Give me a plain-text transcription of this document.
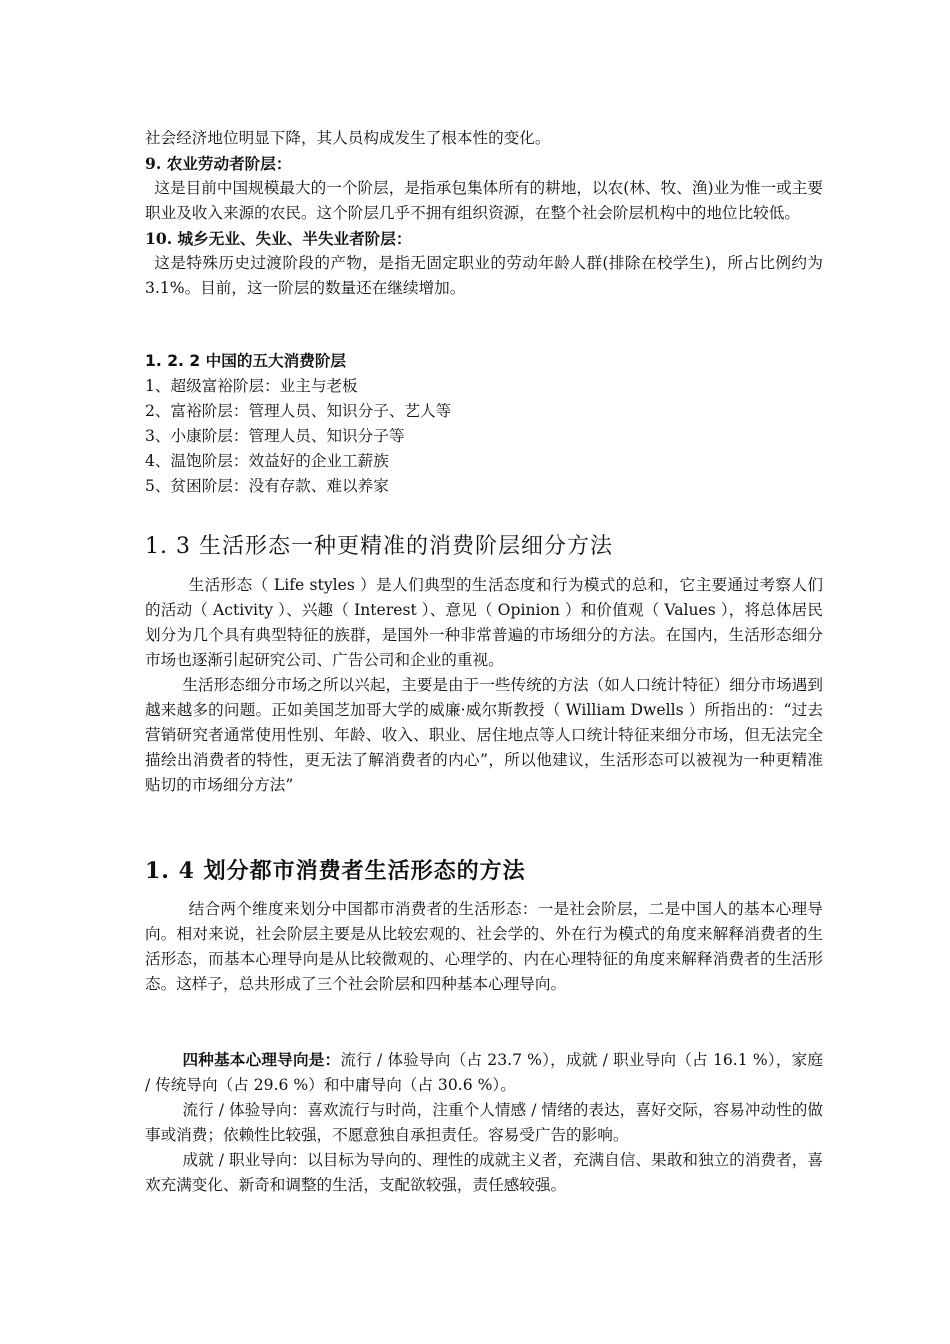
社会经济地位明显下降，其人员构成发生了根本性的变化。

9. 农业劳动者阶层：

这是目前中国规模最大的一个阶层，是指承包集体所有的耕地，以农(林、牧、渔)业为惟一或主要职业及收入来源的农民。这个阶层几乎不拥有组织资源，在整个社会阶层机构中的地位比较低。

10. 城乡无业、失业、半失业者阶层：

这是特殊历史过渡阶段的产物，是指无固定职业的劳动年龄人群(排除在校学生)，所占比例约为3.1%。目前，这一阶层的数量还在继续增加。

1. 2. 2 中国的五大消费阶层

1、超级富裕阶层：业主与老板

2、富裕阶层：管理人员、知识分子、艺人等

3、小康阶层：管理人员、知识分子等

4、温饱阶层：效益好的企业工薪族

5、贫困阶层：没有存款、难以养家

1. 3 生活形态一种更精准的消费阶层细分方法

生活形态（ Life styles ）是人们典型的生活态度和行为模式的总和，它主要通过考察人们的活动（ Activity ）、兴趣（ Interest ）、意见（ Opinion ）和价值观（ Values ），将总体居民划分为几个具有典型特征的族群，是国外一种非常普遍的市场细分的方法。在国内，生活形态细分市场也逐渐引起研究公司、广告公司和企业的重视。

生活形态细分市场之所以兴起，主要是由于一些传统的方法（如人口统计特征）细分市场遇到越来越多的问题。正如美国芝加哥大学的威廉·威尔斯教授（ William Dwells ）所指出的：“过去营销研究者通常使用性别、年龄、收入、职业、居住地点等人口统计特征来细分市场，但无法完全描绘出消费者的特性，更无法了解消费者的内心”，所以他建议，生活形态可以被视为一种更精准贴切的市场细分方法”

1. 4 划分都市消费者生活形态的方法

结合两个维度来划分中国都市消费者的生活形态：一是社会阶层，二是中国人的基本心理导向。相对来说，社会阶层主要是从比较宏观的、社会学的、外在行为模式的角度来解释消费者的生活形态，而基本心理导向是从比较微观的、心理学的、内在心理特征的角度来解释消费者的生活形态。这样子，总共形成了三个社会阶层和四种基本心理导向。

四种基本心理导向是：流行 / 体验导向（占 23.7 %），成就 / 职业导向（占 16.1 %），家庭 / 传统导向（占 29.6 %）和中庸导向（占 30.6 %）。

流行 / 体验导向：喜欢流行与时尚，注重个人情感 / 情绪的表达，喜好交际，容易冲动性的做事或消费；依赖性比较强，不愿意独自承担责任。容易受广告的影响。

成就 / 职业导向：以目标为导向的、理性的成就主义者，充满自信、果敢和独立的消费者，喜欢充满变化、新奇和调整的生活，支配欲较强，责任感较强。
